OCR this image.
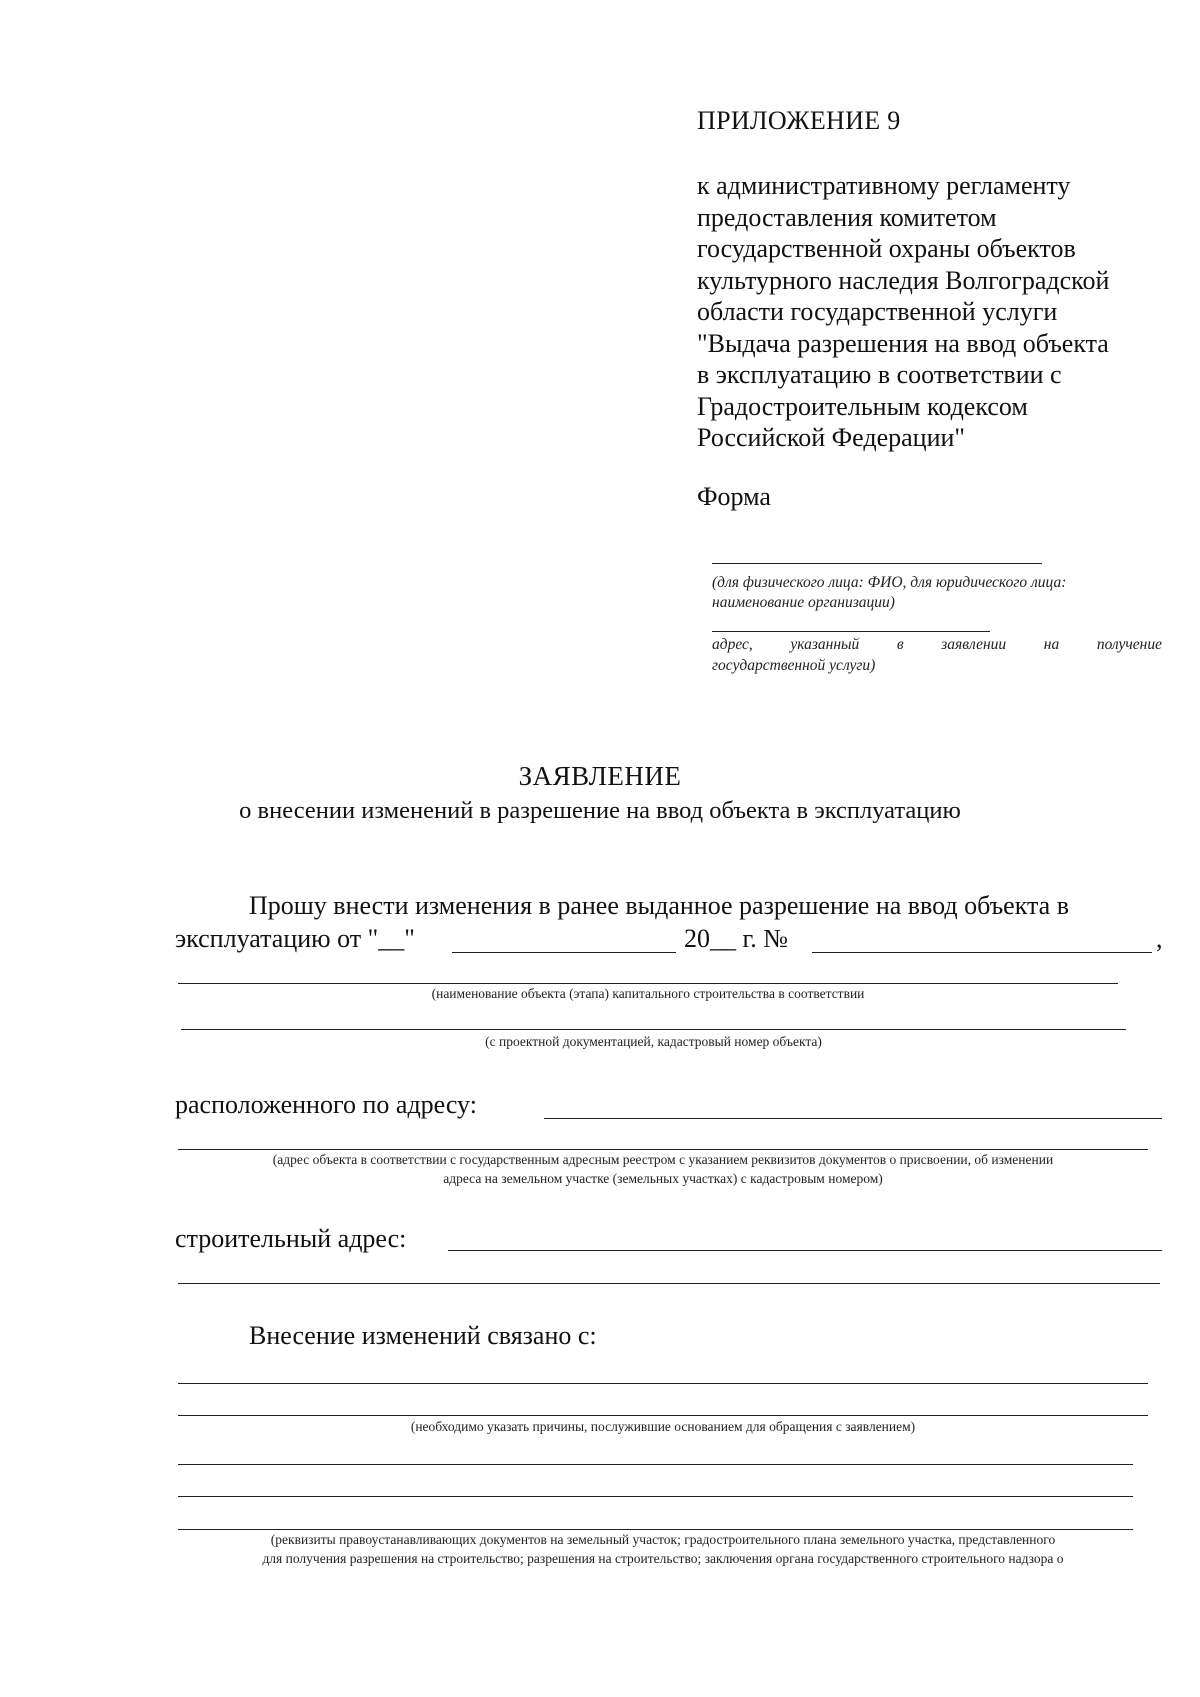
ПРИЛОЖЕНИЕ 9
к административному регламенту
предоставления комитетом
государственной охраны объектов
культурного наследия Волгоградской
области государственной услуги
"Выдача разрешения на ввод объекта
в эксплуатацию в соответствии с
Градостроительным кодексом
Российской Федерации"
Форма
(для физического лица: ФИО, для юридического лица:
наименование организации)
адрес, указанный в заявлении на получение
государственной услуги)
ЗАЯВЛЕНИЕ
о внесении изменений в разрешение на ввод объекта в эксплуатацию
Прошу внести изменения в ранее выданное разрешение на ввод объекта в
эксплуатацию от "__"	20__ г. №	,
(наименование объекта (этапа) капитального строительства в соответствии
(с проектной документацией, кадастровый номер объекта)
расположенного по адресу:
(адрес объекта в соответствии с государственным адресным реестром с указанием реквизитов документов о присвоении, об изменении
адреса на земельном участке (земельных участках) с кадастровым номером)
строительный адрес:
Внесение изменений связано с:
(необходимо указать причины, послужившие основанием для обращения с заявлением)
(реквизиты правоустанавливающих документов на земельный участок; градостроительного плана земельного участка, представленного
для получения разрешения на строительство; разрешения на строительство; заключения органа государственного строительного надзора о
